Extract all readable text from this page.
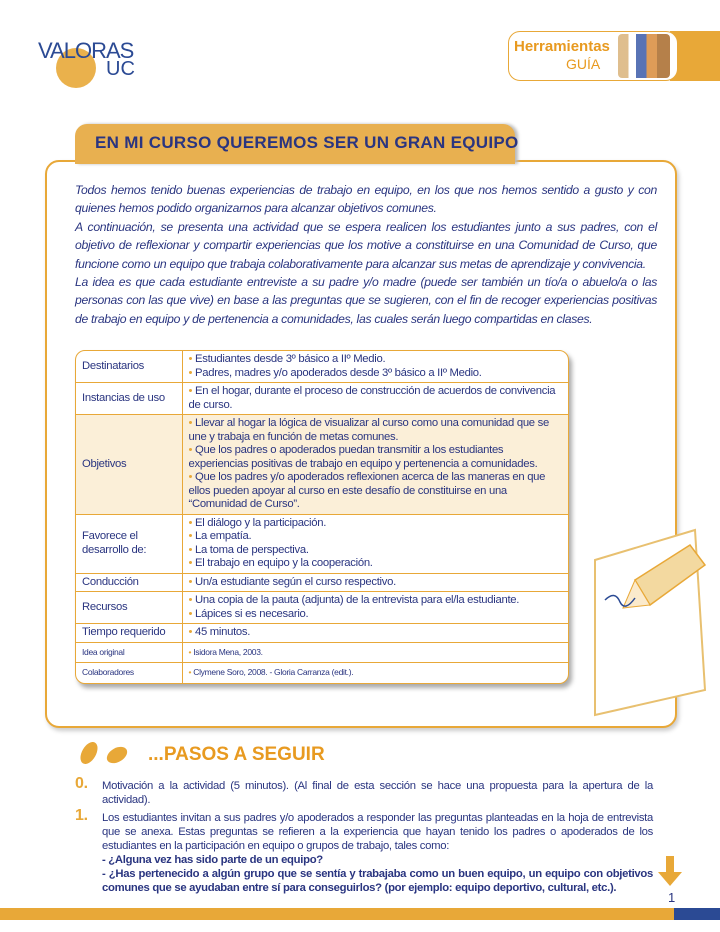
VALORAS
UC
Herramientas
GUÍA
EN MI CURSO QUEREMOS SER UN GRAN EQUIPO

Todos hemos tenido buenas experiencias de trabajo en equipo, en los que nos hemos sentido a gusto y con quienes hemos podido organizarnos para alcanzar objetivos comunes.

A continuación, se presenta una actividad que se espera realicen los estudiantes junto a sus padres, con el objetivo de reflexionar y compartir experiencias que los motive a constituirse en una Comunidad de Curso, que funcione como un equipo que trabaja colaborativamente para alcanzar sus metas de aprendizaje y convivencia.

La idea es que cada estudiante entreviste a su padre y/o madre (puede ser también un tío/a o abuelo/a o las personas con las que vive) en base a las preguntas que se sugieren, con el fin de recoger experiencias positivas de trabajo en equipo y de pertenencia a comunidades, las cuales serán luego compartidas en clases.

Destinatarios	• Estudiantes desde 3º básico a IIº Medio.
• Padres, madres y/o apoderados desde 3º básico a IIº Medio.

Instancias de uso	• En el hogar, durante el proceso de construcción de acuerdos de convivencia de curso.

Objetivos	• Llevar al hogar la lógica de visualizar al curso como una comunidad que se une y trabaja en función de metas comunes.
• Que los padres o apoderados puedan transmitir a los estudiantes experiencias positivas de trabajo en equipo y pertenencia a comunidades.
• Que los padres y/o apoderados reflexionen acerca de las maneras en que ellos pueden apoyar al curso en este desafío de constituirse en una “Comunidad de Curso”.

Favorece el desarrollo de:	• El diálogo y la participación.
• La empatía.
• La toma de perspectiva.
• El trabajo en equipo y la cooperación.

Conducción	• Un/a estudiante según el curso respectivo.

Recursos	• Una copia de la pauta (adjunta) de la entrevista para el/la estudiante.
• Lápices si es necesario.

Tiempo requerido	• 45 minutos.

Idea original	• Isidora Mena, 2003.

Colaboradores	• Clymene Soro, 2008. - Gloria Carranza (edit.).
...PASOS A SEGUIR
0. Motivación a la actividad (5 minutos). (Al final de esta sección se hace una propuesta para la apertura de la actividad).
1. Los estudiantes invitan a sus padres y/o apoderados a responder las preguntas planteadas en la hoja de entrevista que se anexa. Estas preguntas se refieren a la experiencia que hayan tenido los padres o apoderados de los estudiantes en la participación en equipo o grupos de trabajo, tales como:
- ¿Alguna vez has sido parte de un equipo?
- ¿Has pertenecido a algún grupo que se sentía y trabajaba como un buen equipo, un equipo con objetivos comunes que se ayudaban entre sí para conseguirlos? (por ejemplo: equipo deportivo, cultural, etc.).
1
